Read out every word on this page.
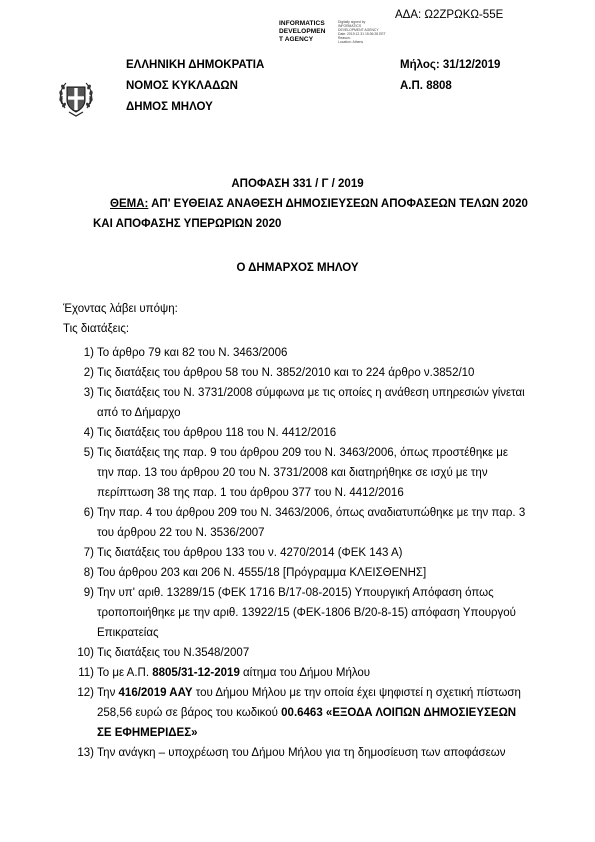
ΑΔΑ: Ω2ΖΡΩΚΩ-55Ε
INFORMATICS
DEVELOPMEN
T AGENCY
Digitally signed by
INFORMATICS
DEVELOPMENT AGENCY
Date: 2019.12.31 15:36:28 EET
Reason:
Location: Athens
ΕΛΛΗΝΙΚΗ ΔΗΜΟΚΡΑΤΙΑ
ΝΟΜΟΣ ΚΥΚΛΑΔΩΝ
ΔΗΜΟΣ ΜΗΛΟΥ
Μήλος: 31/12/2019
Α.Π. 8808
ΑΠΟΦΑΣΗ 331 / Γ / 2019
ΘΕΜΑ: ΑΠ' ΕΥΘΕΙΑΣ ΑΝΑΘΕΣΗ ΔΗΜΟΣΙΕΥΣΕΩΝ ΑΠΟΦΑΣΕΩΝ ΤΕΛΩΝ 2020
ΚΑΙ ΑΠΟΦΑΣΗΣ ΥΠΕΡΩΡΙΩΝ 2020
Ο ΔΗΜΑΡΧΟΣ ΜΗΛΟΥ
Έχοντας λάβει υπόψη:
Τις διατάξεις:
1) Το άρθρο 79 και 82 του Ν. 3463/2006
2) Τις διατάξεις του άρθρου 58 του Ν. 3852/2010 και το 224 άρθρο ν.3852/10
3) Τις διατάξεις του Ν. 3731/2008 σύμφωνα με τις οποίες η ανάθεση υπηρεσιών γίνεται
από το Δήμαρχο
4) Τις διατάξεις του άρθρου 118 του Ν. 4412/2016
5) Τις διατάξεις της παρ. 9 του άρθρου 209 του Ν. 3463/2006, όπως προστέθηκε με
την παρ. 13 του άρθρου 20 του Ν. 3731/2008 και διατηρήθηκε σε ισχύ με την
περίπτωση 38 της παρ. 1 του άρθρου 377 του Ν. 4412/2016
6) Την παρ. 4 του άρθρου 209 του Ν. 3463/2006, όπως αναδιατυπώθηκε με την παρ. 3
του άρθρου 22 του Ν. 3536/2007
7) Τις διατάξεις του άρθρου 133 του ν. 4270/2014 (ΦΕΚ 143 Α)
8) Του άρθρου 203 και 206 Ν. 4555/18 [Πρόγραμμα ΚΛΕΙΣΘΕΝΗΣ]
9) Την υπ' αριθ. 13289/15 (ΦΕΚ 1716 Β/17-08-2015) Υπουργική Απόφαση όπως
τροποποιήθηκε με την αριθ. 13922/15 (ΦΕΚ-1806 Β/20-8-15) απόφαση Υπουργού
Επικρατείας
10) Τις διατάξεις του Ν.3548/2007
11) Το με Α.Π. 8805/31-12-2019 αίτημα του Δήμου Μήλου
12) Την 416/2019 ΑΑΥ του Δήμου Μήλου με την οποία έχει ψηφιστεί η σχετική πίστωση
258,56 ευρώ σε βάρος του κωδικού 00.6463 «ΕΞΟΔΑ ΛΟΙΠΩΝ ΔΗΜΟΣΙΕΥΣΕΩΝ
ΣΕ ΕΦΗΜΕΡΙΔΕΣ»
13) Την ανάγκη – υποχρέωση του Δήμου Μήλου για τη δημοσίευση των αποφάσεων
